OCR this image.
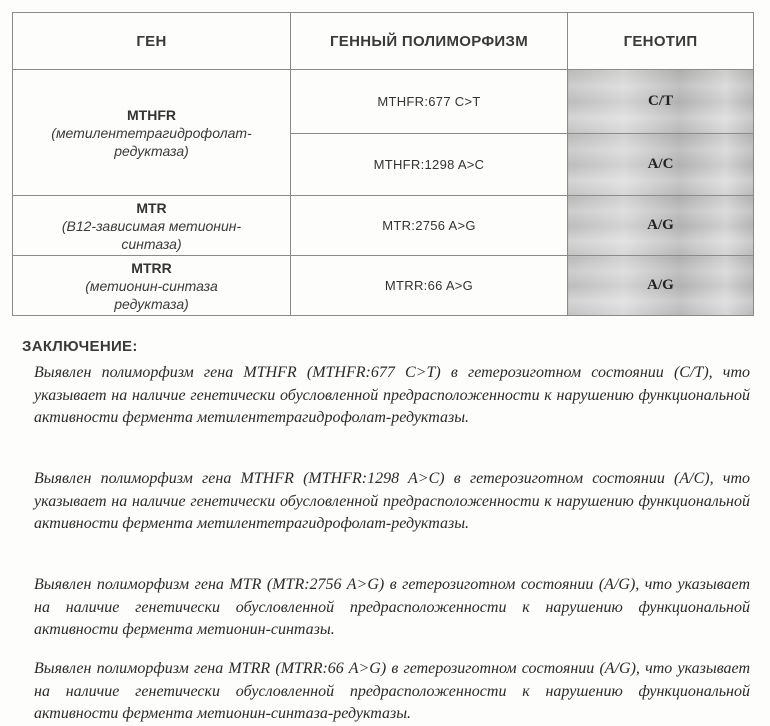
ГЕН	ГЕННЫЙ ПОЛИМОРФИЗМ	ГЕНОТИП

MTHFR
(метилентетрагидрофолат-редуктаза)	MTHFR:677 C>T	C/T
	MTHFR:1298 A>C	A/C

MTR
(B12-зависимая метионин-синтаза)	MTR:2756 A>G	A/G

MTRR
(метионин-синтаза редуктаза)	MTRR:66 A>G	A/G
ЗАКЛЮЧЕНИЕ:

Выявлен полиморфизм гена MTHFR (MTHFR:677 C>T) в гетерозиготном состоянии (C/T), что указывает на наличие генетически обусловленной предрасположенности к нарушению функциональной активности фермента метилентетрагидрофолат-редуктазы.

Выявлен полиморфизм гена MTHFR (MTHFR:1298 A>C) в гетерозиготном состоянии (A/C), что указывает на наличие генетически обусловленной предрасположенности к нарушению функциональной активности фермента метилентетрагидрофолат-редуктазы.

Выявлен полиморфизм гена MTR (MTR:2756 A>G) в гетерозиготном состоянии (A/G), что указывает на наличие генетически обусловленной предрасположенности к нарушению функциональной активности фермента метионин-синтазы.

Выявлен полиморфизм гена MTRR (MTRR:66 A>G) в гетерозиготном состоянии (A/G), что указывает на наличие генетически обусловленной предрасположенности к нарушению функциональной активности фермента метионин-синтаза-редуктазы.
